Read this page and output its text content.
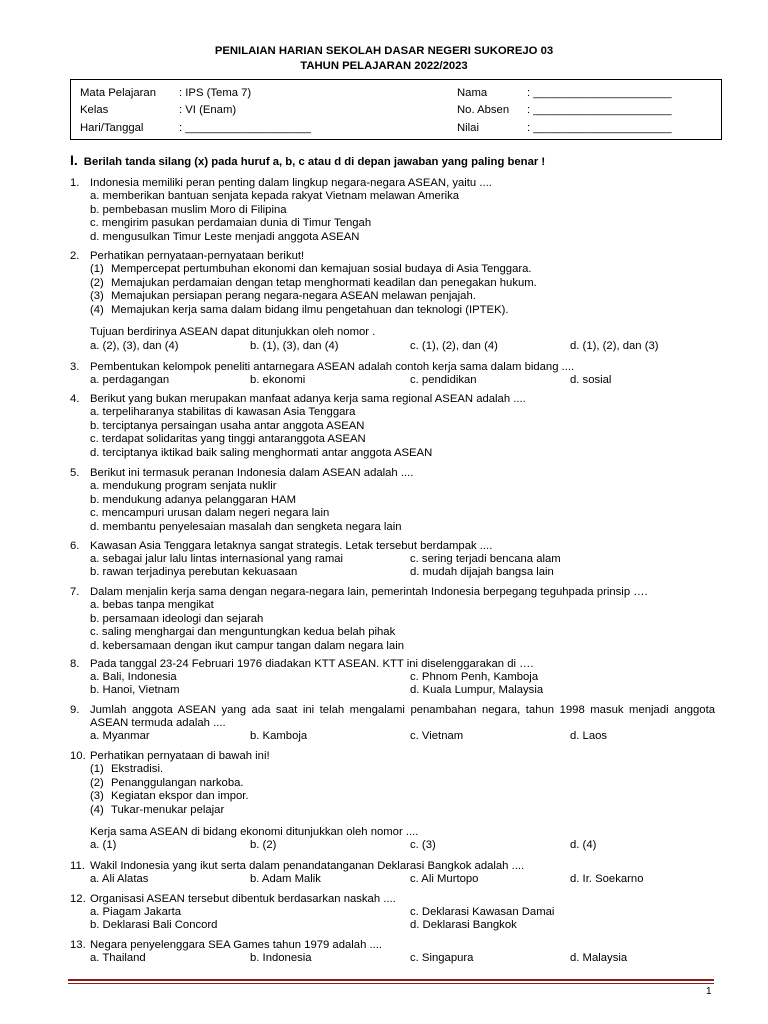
PENILAIAN HARIAN SEKOLAH DASAR NEGERI SUKOREJO 03
TAHUN PELAJARAN 2022/2023
Mata Pelajaran : IPS (Tema 7)	Nama	: ______________________
Kelas	: VI (Enam)	No. Absen : ______________________
Hari/Tanggal	: ____________________	Nilai	: ______________________
I. Berilah tanda silang (x) pada huruf a, b, c atau d di depan jawaban yang paling benar !
1. Indonesia memiliki peran penting dalam lingkup negara-negara ASEAN, yaitu ....
a. memberikan bantuan senjata kepada rakyat Vietnam melawan Amerika
b. pembebasan muslim Moro di Filipina
c. mengirim pasukan perdamaian dunia di Timur Tengah
d. mengusulkan Timur Leste menjadi anggota ASEAN
2. Perhatikan pernyataan-pernyataan berikut!
(1) Mempercepat pertumbuhan ekonomi dan kemajuan sosial budaya di Asia Tenggara.
(2) Memajukan perdamaian dengan tetap menghormati keadilan dan penegakan hukum.
(3) Memajukan persiapan perang negara-negara ASEAN melawan penjajah.
(4) Memajukan kerja sama dalam bidang ilmu pengetahuan dan teknologi (IPTEK).
Tujuan berdirinya ASEAN dapat ditunjukkan oleh nomor .
a. (2), (3), dan (4)	b. (1), (3), dan (4)	c. (1), (2), dan (4)	d. (1), (2), dan (3)
3. Pembentukan kelompok peneliti antarnegara ASEAN adalah contoh kerja sama dalam bidang ....
a. perdagangan	b. ekonomi	c. pendidikan	d. sosial
4. Berikut yang bukan merupakan manfaat adanya kerja sama regional ASEAN adalah ....
a. terpeliharanya stabilitas di kawasan Asia Tenggara
b. terciptanya persaingan usaha antar anggota ASEAN
c. terdapat solidaritas yang tinggi antaranggota ASEAN
d. terciptanya iktikad baik saling menghormati antar anggota ASEAN
5. Berikut ini termasuk peranan Indonesia dalam ASEAN adalah ....
a. mendukung program senjata nuklir
b. mendukung adanya pelanggaran HAM
c. mencampuri urusan dalam negeri negara lain
d. membantu penyelesaian masalah dan sengketa negara lain
6. Kawasan Asia Tenggara letaknya sangat strategis. Letak tersebut berdampak ....
a. sebagai jalur lalu lintas internasional yang ramai	c. sering terjadi bencana alam
b. rawan terjadinya perebutan kekuasaan	d. mudah dijajah bangsa lain
7. Dalam menjalin kerja sama dengan negara-negara lain, pemerintah Indonesia berpegang teguhpada prinsip ….
a. bebas tanpa mengikat
b. persamaan ideologi dan sejarah
c. saling menghargai dan menguntungkan kedua belah pihak
d. kebersamaan dengan ikut campur tangan dalam negara lain
8. Pada tanggal 23-24 Februari 1976 diadakan KTT ASEAN. KTT ini diselenggarakan di ….
a. Bali, Indonesia	c. Phnom Penh, Kamboja
b. Hanoi, Vietnam	d. Kuala Lumpur, Malaysia
9. Jumlah anggota ASEAN yang ada saat ini telah mengalami penambahan negara, tahun 1998 masuk menjadi anggota ASEAN termuda adalah ....
a. Myanmar	b. Kamboja	c. Vietnam	d. Laos
10. Perhatikan pernyataan di bawah ini!
(1) Ekstradisi.
(2) Penanggulangan narkoba.
(3) Kegiatan ekspor dan impor.
(4) Tukar-menukar pelajar
Kerja sama ASEAN di bidang ekonomi ditunjukkan oleh nomor ....
a. (1)	b. (2)	c. (3)	d. (4)
11. Wakil Indonesia yang ikut serta dalam penandatanganan Deklarasi Bangkok adalah ....
a. Ali Alatas	b. Adam Malik	c. Ali Murtopo	d. Ir. Soekarno
12. Organisasi ASEAN tersebut dibentuk berdasarkan naskah ....
a. Piagam Jakarta	c. Deklarasi Kawasan Damai
b. Deklarasi Bali Concord	d. Deklarasi Bangkok
13. Negara penyelenggara SEA Games tahun 1979 adalah ....
a. Thailand	b. Indonesia	c. Singapura	d. Malaysia
1
